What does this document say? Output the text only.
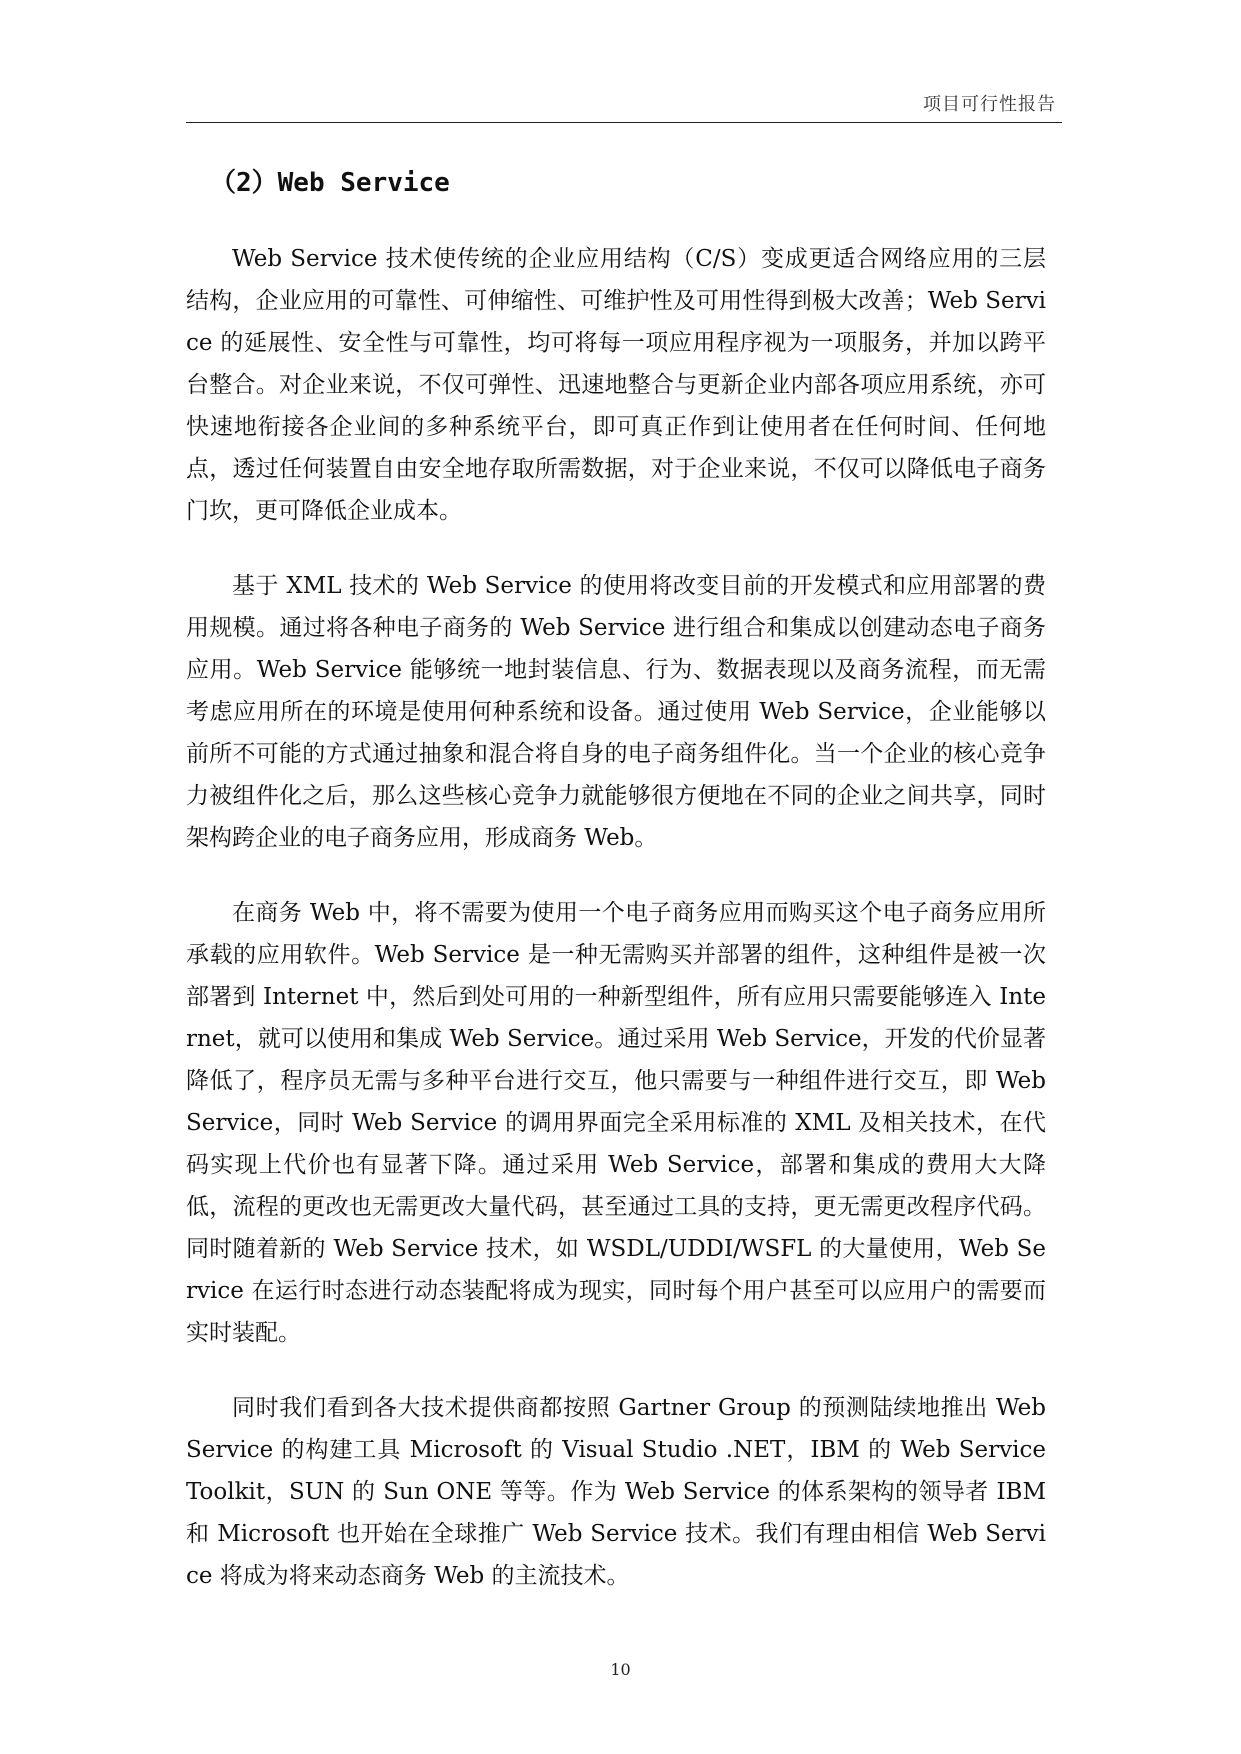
项目可行性报告
（2）Web Service

Web Service 技术使传统的企业应用结构（C/S）变成更适合网络应用的三层结构，企业应用的可靠性、可伸缩性、可维护性及可用性得到极大改善；Web Service 的延展性、安全性与可靠性，均可将每一项应用程序视为一项服务，并加以跨平台整合。对企业来说，不仅可弹性、迅速地整合与更新企业内部各项应用系统，亦可快速地衔接各企业间的多种系统平台，即可真正作到让使用者在任何时间、任何地点，透过任何装置自由安全地存取所需数据，对于企业来说，不仅可以降低电子商务门坎，更可降低企业成本。

基于 XML 技术的 Web Service 的使用将改变目前的开发模式和应用部署的费用规模。通过将各种电子商务的 Web Service 进行组合和集成以创建动态电子商务应用。Web Service 能够统一地封装信息、行为、数据表现以及商务流程，而无需考虑应用所在的环境是使用何种系统和设备。通过使用 Web Service，企业能够以前所不可能的方式通过抽象和混合将自身的电子商务组件化。当一个企业的核心竞争力被组件化之后，那么这些核心竞争力就能够很方便地在不同的企业之间共享，同时架构跨企业的电子商务应用，形成商务 Web。

在商务 Web 中，将不需要为使用一个电子商务应用而购买这个电子商务应用所承载的应用软件。Web Service 是一种无需购买并部署的组件，这种组件是被一次部署到 Internet 中，然后到处可用的一种新型组件，所有应用只需要能够连入 Internet，就可以使用和集成 Web Service。通过采用 Web Service，开发的代价显著降低了，程序员无需与多种平台进行交互，他只需要与一种组件进行交互，即 Web Service，同时 Web Service 的调用界面完全采用标准的 XML 及相关技术，在代码实现上代价也有显著下降。通过采用 Web Service，部署和集成的费用大大降低，流程的更改也无需更改大量代码，甚至通过工具的支持，更无需更改程序代码。同时随着新的 Web Service 技术，如 WSDL/UDDI/WSFL 的大量使用，Web Service 在运行时态进行动态装配将成为现实，同时每个用户甚至可以应用户的需要而实时装配。

同时我们看到各大技术提供商都按照 Gartner Group 的预测陆续地推出 Web Service 的构建工具 Microsoft 的 Visual Studio .NET，IBM 的 Web Service Toolkit，SUN 的 Sun ONE 等等。作为 Web Service 的体系架构的领导者 IBM 和 Microsoft 也开始在全球推广 Web Service 技术。我们有理由相信 Web Service 将成为将来动态商务 Web 的主流技术。

10
